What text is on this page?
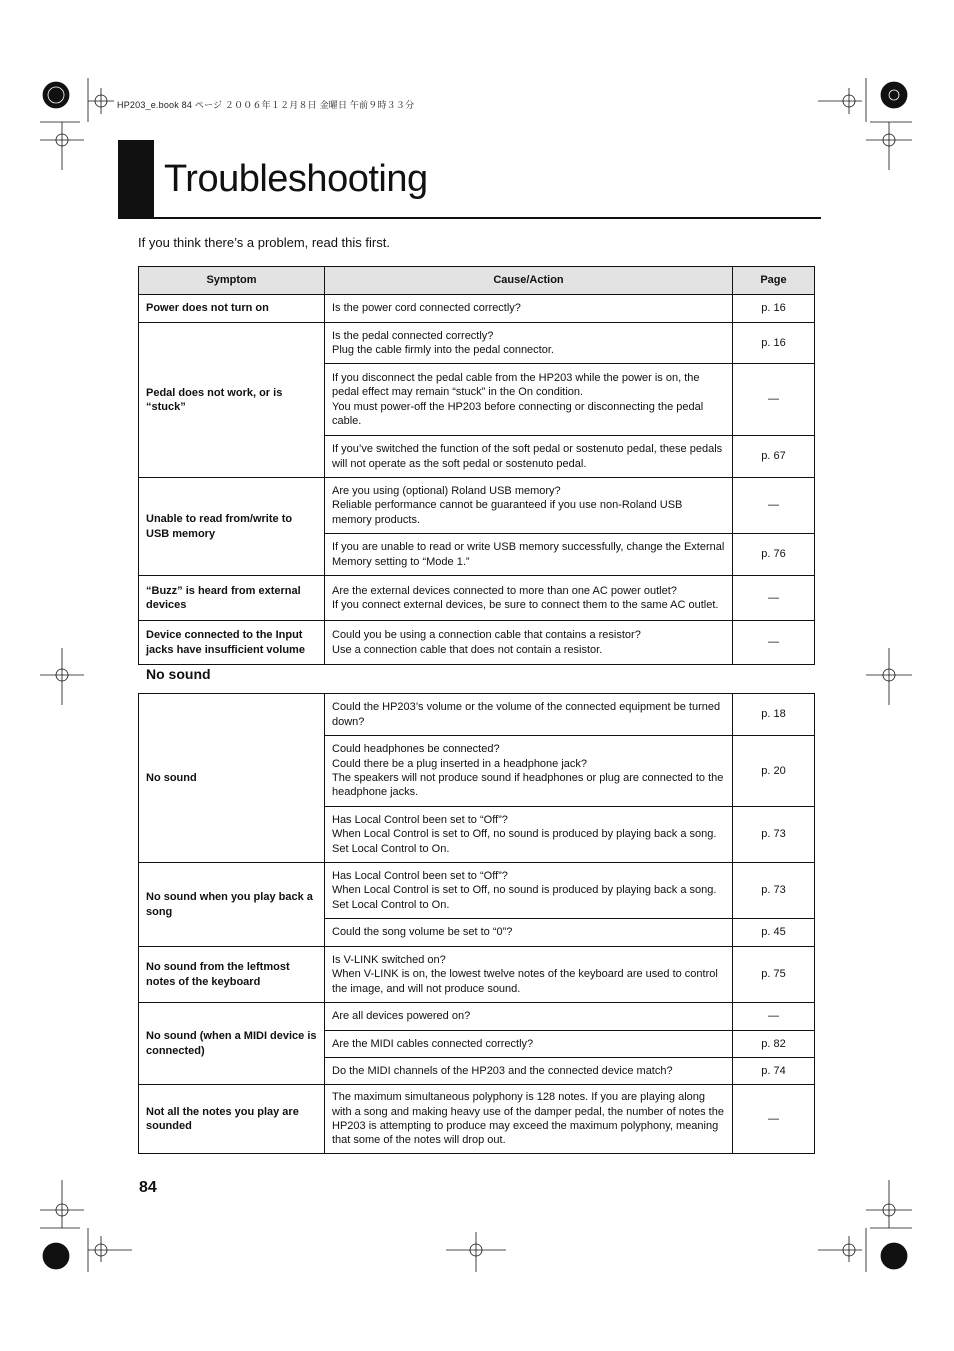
HP203_e.book 84 ページ ２００６年１２月８日 金曜日 午前９時３３分
Troubleshooting
If you think there’s a problem, read this first.
Symptom	Cause/Action	Page
Power does not turn on	Is the power cord connected correctly?	p. 16
Pedal does not work, or is “stuck”	Is the pedal connected correctly?
Plug the cable firmly into the pedal connector.	p. 16

	If you disconnect the pedal cable from the HP203 while the power is on, the pedal effect may remain “stuck” in the On condition.
You must power-off the HP203 before connecting or disconnecting the pedal cable.	—

	If you’ve switched the function of the soft pedal or sostenuto pedal, these pedals will not operate as the soft pedal or sostenuto pedal.	p. 67
Unable to read from/write to USB memory	Are you using (optional) Roland USB memory?
Reliable performance cannot be guaranteed if you use non-Roland USB memory products.	—

	If you are unable to read or write USB memory successfully, change the External Memory setting to “Mode 1.”	p. 76
“Buzz” is heard from external devices	Are the external devices connected to more than one AC power outlet?
If you connect external devices, be sure to connect them to the same AC outlet.	—
Device connected to the Input jacks have insufficient volume	Could you be using a connection cable that contains a resistor?
Use a connection cable that does not contain a resistor.	—
No sound
No sound	Could the HP203’s volume or the volume of the connected equipment be turned down?	p. 18

	Could headphones be connected?
Could there be a plug inserted in a headphone jack?
The speakers will not produce sound if headphones or plug are connected to the headphone jacks.	p. 20

	Has Local Control been set to “Off”?
When Local Control is set to Off, no sound is produced by playing back a song. Set Local Control to On.	p. 73
No sound when you play back a song	Has Local Control been set to “Off”?
When Local Control is set to Off, no sound is produced by playing back a song. Set Local Control to On.	p. 73

	Could the song volume be set to “0”?	p. 45
No sound from the leftmost notes of the keyboard	Is V-LINK switched on?
When V-LINK is on, the lowest twelve notes of the keyboard are used to control the image, and will not produce sound.	p. 75
No sound (when a MIDI device is connected)	Are all devices powered on?	—

	Are the MIDI cables connected correctly?	p. 82

	Do the MIDI channels of the HP203 and the connected device match?	p. 74
Not all the notes you play are sounded	The maximum simultaneous polyphony is 128 notes. If you are playing along with a song and making heavy use of the damper pedal, the number of notes the HP203 is attempting to produce may exceed the maximum polyphony, meaning that some of the notes will drop out.	—
84
